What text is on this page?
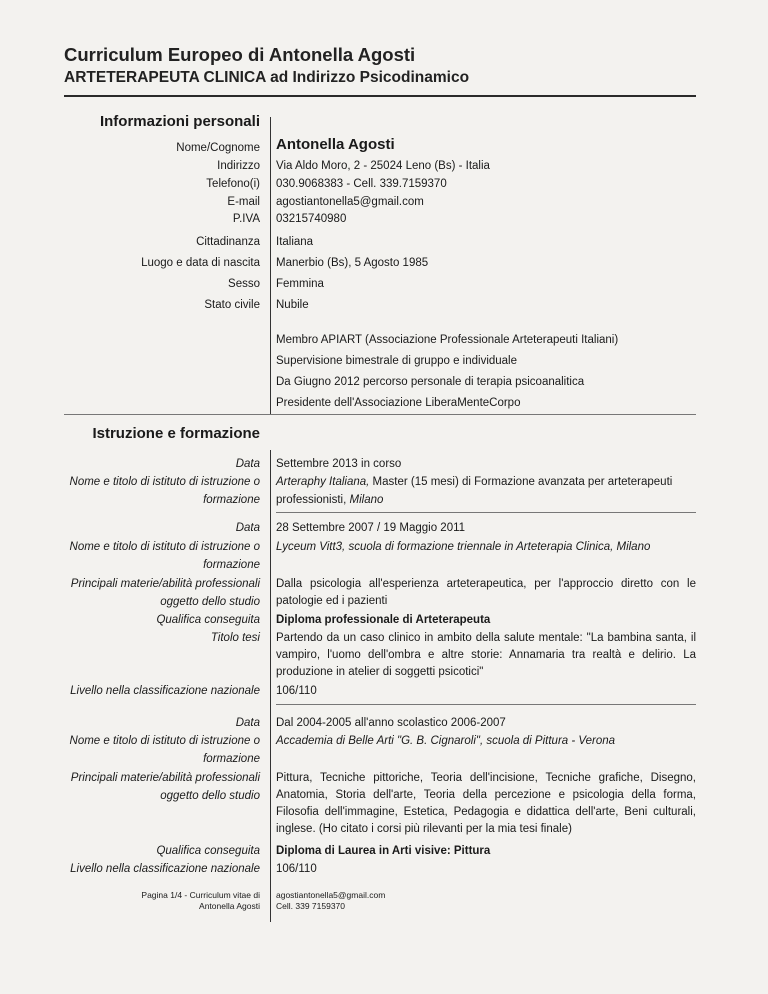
Curriculum Europeo di Antonella Agosti
ARTETERAPEUTA CLINICA ad Indirizzo Psicodinamico
Informazioni personali
Nome/Cognome Antonella Agosti
Indirizzo Via Aldo Moro, 2 - 25024 Leno (Bs) - Italia
Telefono(i) 030.9068383 - Cell. 339.7159370
E-mail agostiantonella5@gmail.com
P.IVA 03215740980
Cittadinanza Italiana
Luogo e data di nascita Manerbio (Bs), 5 Agosto 1985
Sesso Femmina
Stato civile Nubile
Membro APIART (Associazione Professionale Arteterapeuti Italiani)
Supervisione bimestrale di gruppo e individuale
Da Giugno 2012 percorso personale di terapia psicoanalitica
Presidente dell'Associazione LiberaMenteCorpo
Istruzione e formazione
Data Settembre 2013 in corso
Nome e titolo di istituto di istruzione o
formazione
Arteraphy Italiana, Master (15 mesi) di Formazione avanzata per arteterapeuti
professionisti, Milano
Data 28 Settembre 2007 / 19 Maggio 2011
Nome e titolo di istituto di istruzione o
formazione
Lyceum Vitt3, scuola di formazione triennale in Arteterapia Clinica, Milano
Principali materie/abilità professionali
oggetto dello studio
Dalla psicologia all'esperienza arteterapeutica, per l'approccio diretto con le patologie ed i pazienti
Qualifica conseguita Diploma professionale di Arteterapeuta
Titolo tesi Partendo da un caso clinico in ambito della salute mentale: "La bambina santa, il vampiro, l'uomo dell'ombra e altre storie: Annamaria tra realtà e delirio. La produzione in atelier di soggetti psicotici"
Livello nella classificazione nazionale 106/110
Data Dal 2004-2005 all'anno scolastico 2006-2007
Nome e titolo di istituto di istruzione o
formazione
Accademia di Belle Arti "G. B. Cignaroli", scuola di Pittura - Verona
Principali materie/abilità professionali
oggetto dello studio
Pittura, Tecniche pittoriche, Teoria dell'incisione, Tecniche grafiche, Disegno, Anatomia, Storia dell'arte, Teoria della percezione e psicologia della forma, Filosofia dell'immagine, Estetica, Pedagogia e didattica dell'arte, Beni culturali, inglese. (Ho citato i corsi più rilevanti per la mia tesi finale)
Qualifica conseguita Diploma di Laurea in Arti visive: Pittura
Livello nella classificazione nazionale 106/110
Pagina 1/4 - Curriculum vitae di
Antonella Agosti
agostiantonella5@gmail.com
Cell. 339 7159370
